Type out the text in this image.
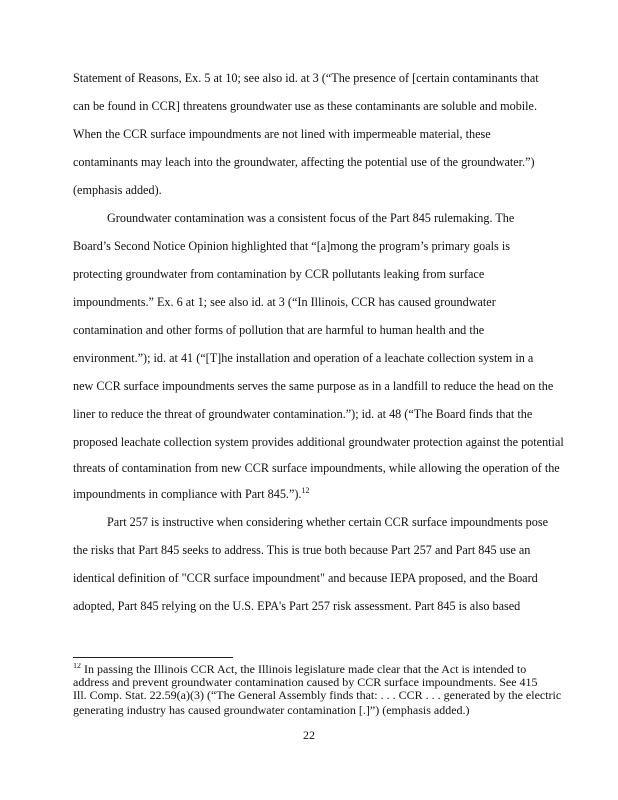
Statement of Reasons, Ex. 5 at 10; see also id. at 3 (“The presence of [certain contaminants that
can be found in CCR] threatens groundwater use as these contaminants are soluble and mobile.
When the CCR surface impoundments are not lined with impermeable material, these
contaminants may leach into the groundwater, affecting the potential use of the groundwater.”)
(emphasis added).
Groundwater contamination was a consistent focus of the Part 845 rulemaking. The
Board’s Second Notice Opinion highlighted that “[a]mong the program’s primary goals is
protecting groundwater from contamination by CCR pollutants leaking from surface
impoundments.” Ex. 6 at 1; see also id. at 3 (“In Illinois, CCR has caused groundwater
contamination and other forms of pollution that are harmful to human health and the
environment.”); id. at 41 (“[T]he installation and operation of a leachate collection system in a
new CCR surface impoundments serves the same purpose as in a landfill to reduce the head on the
liner to reduce the threat of groundwater contamination.”); id. at 48 (“The Board finds that the
proposed leachate collection system provides additional groundwater protection against the potential
threats of contamination from new CCR surface impoundments, while allowing the operation of the
impoundments in compliance with Part 845.”).$^{12}$
Part 257 is instructive when considering whether certain CCR surface impoundments pose
the risks that Part 845 seeks to address. This is true both because Part 257 and Part 845 use an
identical definition of "CCR surface impoundment" and because IEPA proposed, and the Board
adopted, Part 845 relying on the U.S. EPA's Part 257 risk assessment. Part 845 is also based
$^{12}$ In passing the Illinois CCR Act, the Illinois legislature made clear that the Act is intended to
address and prevent groundwater contamination caused by CCR surface impoundments. See 415
Ill. Comp. Stat. 22.59(a)(3) (“The General Assembly finds that: . . . CCR . . . generated by the electric
generating industry has caused groundwater contamination [.]”) (emphasis added.)
22
